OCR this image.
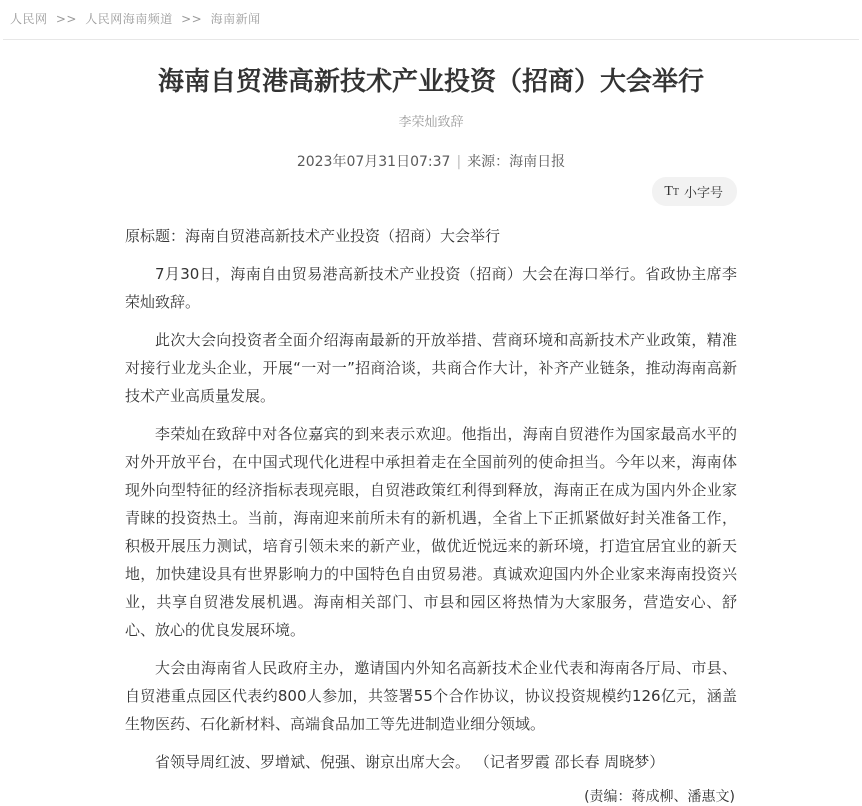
人民网 >> 人民网海南频道 >> 海南新闻
海南自贸港高新技术产业投资（招商）大会举行
李荣灿致辞
2023年07月31日07:37 | 来源：海南日报
TT 小字号

原标题：海南自贸港高新技术产业投资（招商）大会举行

7月30日，海南自由贸易港高新技术产业投资（招商）大会在海口举行。省政协主席李荣灿致辞。

此次大会向投资者全面介绍海南最新的开放举措、营商环境和高新技术产业政策，精准对接行业龙头企业，开展“一对一”招商洽谈，共商合作大计，补齐产业链条，推动海南高新技术产业高质量发展。

李荣灿在致辞中对各位嘉宾的到来表示欢迎。他指出，海南自贸港作为国家最高水平的对外开放平台，在中国式现代化进程中承担着走在全国前列的使命担当。今年以来，海南体现外向型特征的经济指标表现亮眼，自贸港政策红利得到释放，海南正在成为国内外企业家青睐的投资热土。当前，海南迎来前所未有的新机遇，全省上下正抓紧做好封关准备工作，积极开展压力测试，培育引领未来的新产业，做优近悦远来的新环境，打造宜居宜业的新天地，加快建设具有世界影响力的中国特色自由贸易港。真诚欢迎国内外企业家来海南投资兴业，共享自贸港发展机遇。海南相关部门、市县和园区将热情为大家服务，营造安心、舒心、放心的优良发展环境。

大会由海南省人民政府主办，邀请国内外知名高新技术企业代表和海南各厅局、市县、自贸港重点园区代表约800人参加，共签署55个合作协议，协议投资规模约126亿元，涵盖生物医药、石化新材料、高端食品加工等先进制造业细分领域。

省领导周红波、罗增斌、倪强、谢京出席大会。 （记者罗霞 邵长春 周晓梦）

(责编：蒋成柳、潘惠文)
